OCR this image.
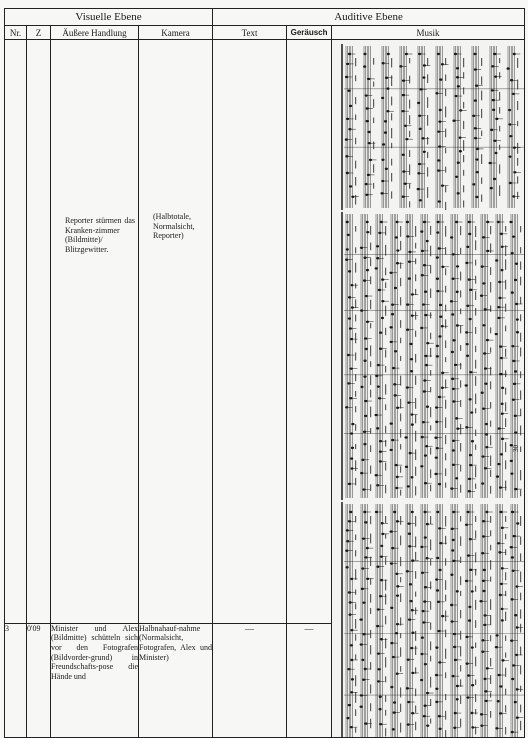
Visuelle Ebene				Auditive Ebene		
Nr.	Z	Äußere Handlung	Kamera	Text	Geräusch	Musik

		Reporter stürmen das Kranken-zimmer (Bildmitte)/ Blitzgewitter.	(Halbtotale, Normalsicht, Reporter)			30

3	0'09	Minister und Alex (Bildmitte) schütteln sich vor den Fotografen (Bildvorder-grund) in Freundschafts-pose die Hände und	Halbnahauf-nahme (Normalsicht, Fotografen, Alex und Minister)	—	—	
